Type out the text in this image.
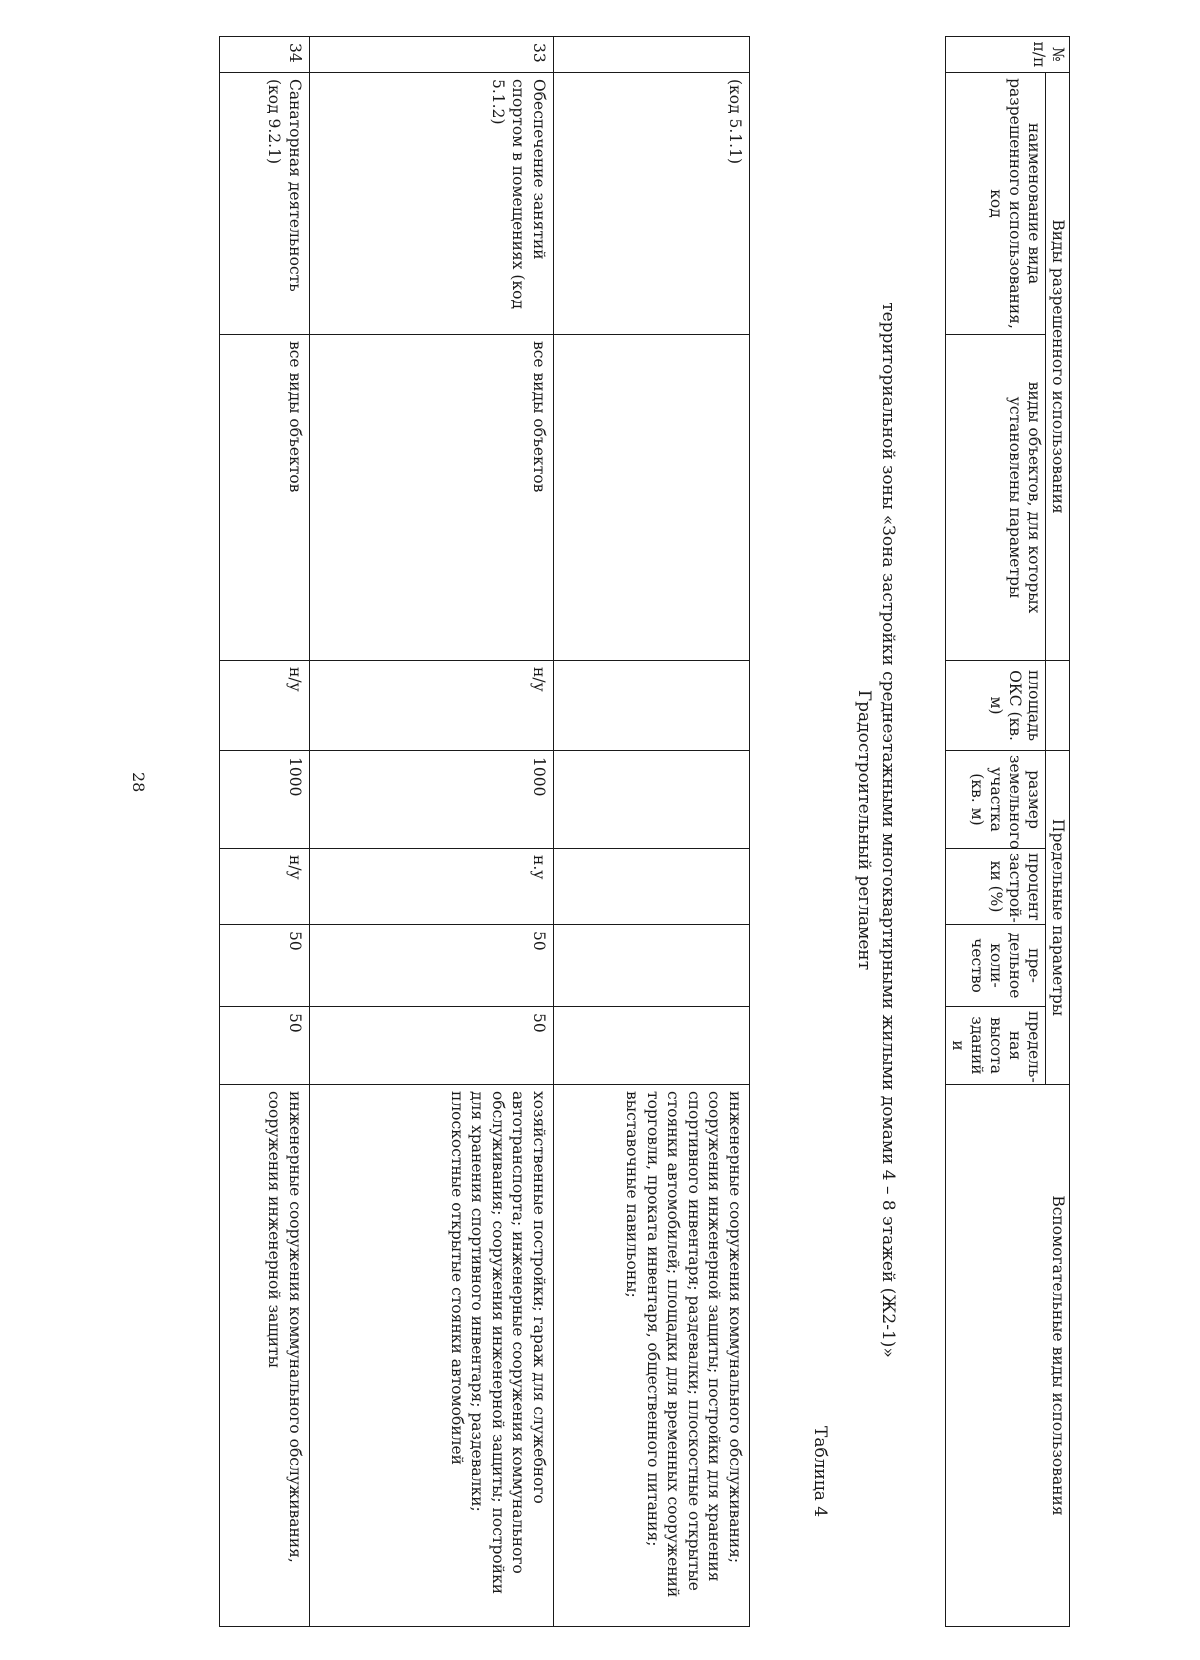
28
	(код 5.1.1)							инженерные сооружения коммунального обслуживания; сооружения инженерной защиты; постройки для хранения спортивного инвентаря; раздевалки; плоскостные открытые стоянки автомобилей; площадки для временных сооружений торговли, проката инвентаря, общественного питания; выставочные павильоны;
33	Обеспечение занятий спортом в помещениях (код 5.1.2)	все виды объектов	н/у	1000	н.у	50	50	хозяйственные постройки; гараж для служебного автотранспорта; инженерные сооружения коммунального обслуживания; сооружения инженерной защиты; постройки для хранения спортивного инвентаря; раздевалки; плоскостные открытые стоянки автомобилей
34	Санаторная деятельность (код 9.2.1)	все виды объектов	н/у	1000	н/у	50	50	инженерные сооружения коммунального обслуживания, сооружения инженерной защиты
Таблица 4
Градостроительный регламент территориальной зоны «Зона застройки среднеэтажными многоквартирными жилыми домами 4 – 8 этажей (Ж2-1)»
№ п/п	Виды разрешенного использования			Предельные параметры				Вспомогательные виды использования
	наименование вида разрешенного использования, код	виды объектов, для которых установлены параметры	площадь ОКС (кв. м)	размер земельного участка (кв. м)	процент застрой-ки (%)	пре-дельное коли-чество	предель-ная высота зданий и	
